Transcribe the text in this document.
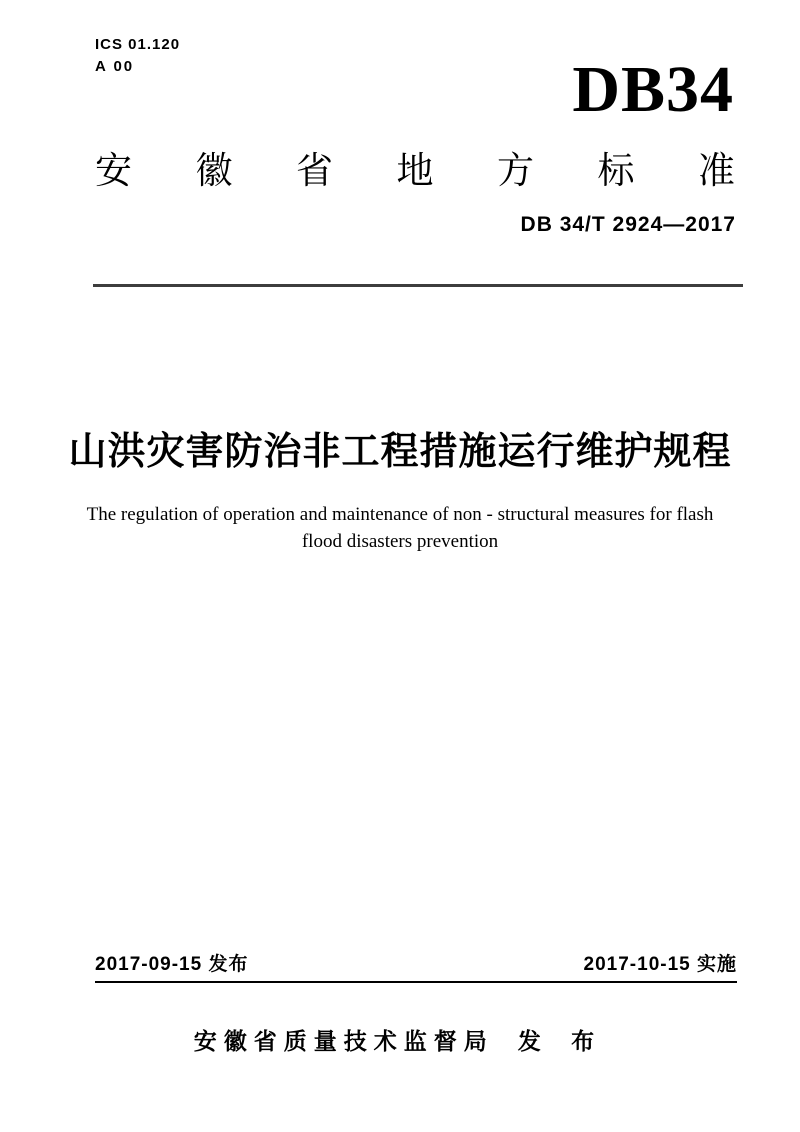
ICS 01.120
A 00	DB34
安徽省地方标准
DB 34/T 2924—2017
山洪灾害防治非工程措施运行维护规程
The regulation of operation and maintenance of non - structural measures for flash
flood disasters prevention
2017-09-15 发布	2017-10-15 实施
安徽省质量技术监督局 发 布
